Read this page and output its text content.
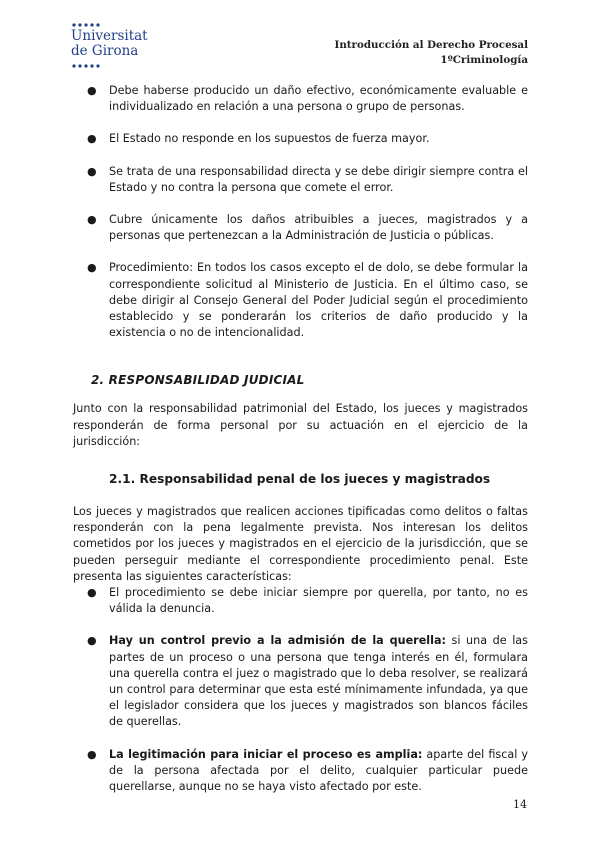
Universitat
de Girona	Introducción al Derecho Procesal
1ºCriminología
● Debe haberse producido un daño efectivo, económicamente evaluable e individualizado en relación a una persona o grupo de personas.
● El Estado no responde en los supuestos de fuerza mayor.
● Se trata de una responsabilidad directa y se debe dirigir siempre contra el Estado y no contra la persona que comete el error.
● Cubre únicamente los daños atribuibles a jueces, magistrados y a personas que pertenezcan a la Administración de Justicia o públicas.
● Procedimiento: En todos los casos excepto el de dolo, se debe formular la correspondiente solicitud al Ministerio de Justicia. En el último caso, se debe dirigir al Consejo General del Poder Judicial según el procedimiento establecido y se ponderarán los criterios de daño producido y la existencia o no de intencionalidad.
2. RESPONSABILIDAD JUDICIAL

Junto con la responsabilidad patrimonial del Estado, los jueces y magistrados responderán de forma personal por su actuación en el ejercicio de la jurisdicción:

2.1. Responsabilidad penal de los jueces y magistrados

Los jueces y magistrados que realicen acciones tipificadas como delitos o faltas responderán con la pena legalmente prevista. Nos interesan los delitos cometidos por los jueces y magistrados en el ejercicio de la jurisdicción, que se pueden perseguir mediante el correspondiente procedimiento penal. Este presenta las siguientes características:

● El procedimiento se debe iniciar siempre por querella, por tanto, no es válida la denuncia.
● Hay un control previo a la admisión de la querella: si una de las partes de un proceso o una persona que tenga interés en él, formulara una querella contra el juez o magistrado que lo deba resolver, se realizará un control para determinar que esta esté mínimamente infundada, ya que el legislador considera que los jueces y magistrados son blancos fáciles de querellas.
● La legitimación para iniciar el proceso es amplia: aparte del fiscal y de la persona afectada por el delito, cualquier particular puede querellarse, aunque no se haya visto afectado por este.
14
